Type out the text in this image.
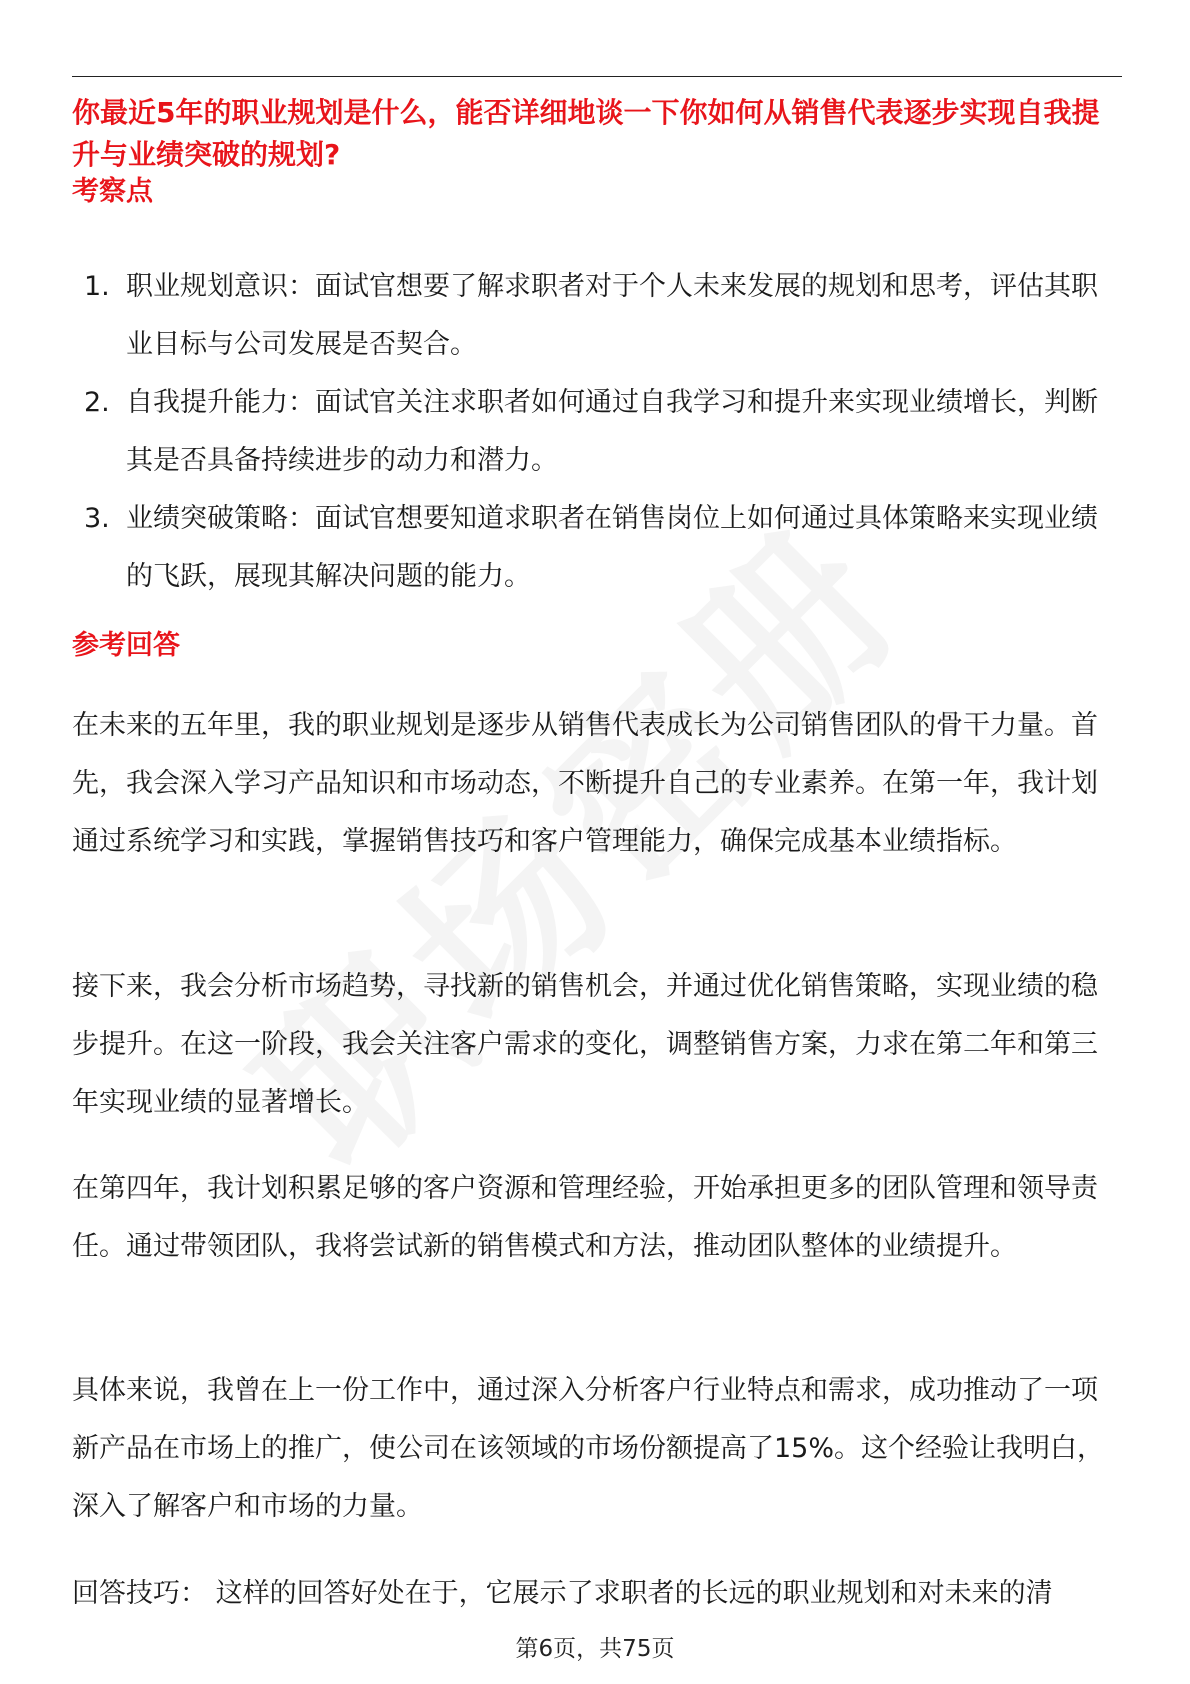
你最近5年的职业规划是什么，能否详细地谈一下你如何从销售代表逐步实现自我提升与业绩突破的规划?

考察点

1. 职业规划意识：面试官想要了解求职者对于个人未来发展的规划和思考，评估其职业目标与公司发展是否契合。
2. 自我提升能力：面试官关注求职者如何通过自我学习和提升来实现业绩增长，判断其是否具备持续进步的动力和潜力。
3. 业绩突破策略：面试官想要知道求职者在销售岗位上如何通过具体策略来实现业绩的飞跃，展现其解决问题的能力。

参考回答

在未来的五年里，我的职业规划是逐步从销售代表成长为公司销售团队的骨干力量。首先，我会深入学习产品知识和市场动态，不断提升自己的专业素养。在第一年，我计划通过系统学习和实践，掌握销售技巧和客户管理能力，确保完成基本业绩指标。

接下来，我会分析市场趋势，寻找新的销售机会，并通过优化销售策略，实现业绩的稳步提升。在这一阶段，我会关注客户需求的变化，调整销售方案，力求在第二年和第三年实现业绩的显著增长。

在第四年，我计划积累足够的客户资源和管理经验，开始承担更多的团队管理和领导责任。通过带领团队，我将尝试新的销售模式和方法，推动团队整体的业绩提升。

具体来说，我曾在上一份工作中，通过深入分析客户行业特点和需求，成功推动了一项新产品在市场上的推广，使公司在该领域的市场份额提高了15%。这个经验让我明白，深入了解客户和市场的力量。

回答技巧： 这样的回答好处在于，它展示了求职者的长远的职业规划和对未来的清

第6页，共75页
